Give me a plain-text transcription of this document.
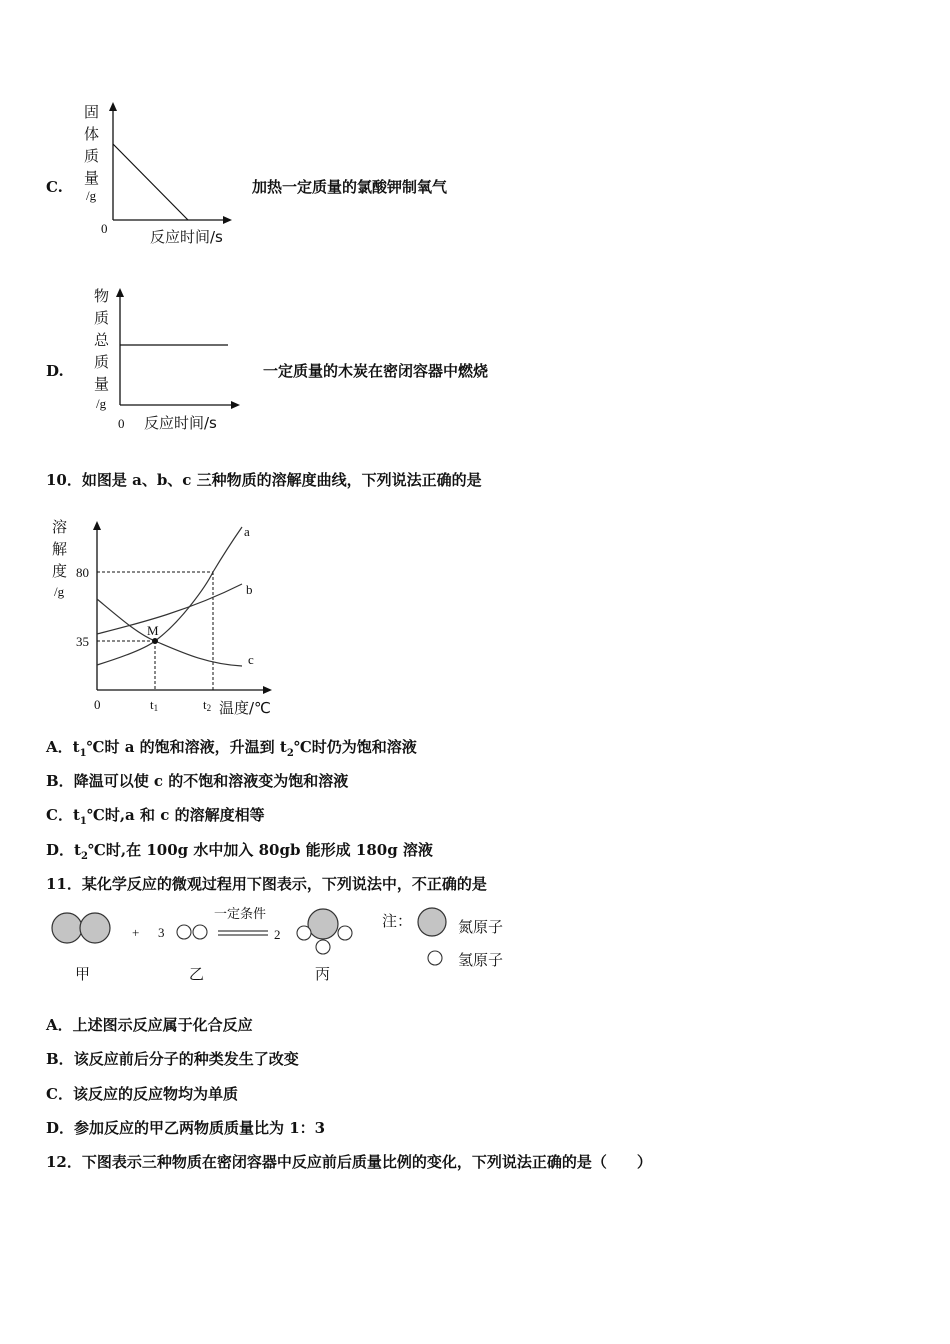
C.
固
体
质
量
/g
0	反应时间/s
加热一定质量的氯酸钾制氧气
D.
物
质
总
质
量
/g
0 反应时间/s
一定质量的木炭在密闭容器中燃烧
10．如图是 a、b、c 三种物质的溶解度曲线，下列说法正确的是
溶
解
度
/g
M
a
b
c
80
35
0	t1	t2 温度/℃
A．$t_1℃$时 a 的饱和溶液，升温到 $t_2℃$时仍为饱和溶液
B．降温可以使 c 的不饱和溶液变为饱和溶液
C．$t_1℃$时,a 和 c 的溶解度相等
D．$t_2℃$时,在 100g 水中加入 80gb 能形成 180g 溶液
11．某化学反应的微观过程用下图表示，下列说法中，不正确的是
甲
+ 3
乙
一定条件
2
丙
注：	氮原子
氢原子
A．上述图示反应属于化合反应
B．该反应前后分子的种类发生了改变
C．该反应的反应物均为单质
D．参加反应的甲乙两物质质量比为 1：3
12．下图表示三种物质在密闭容器中反应前后质量比例的变化，下列说法正确的是（　　）
